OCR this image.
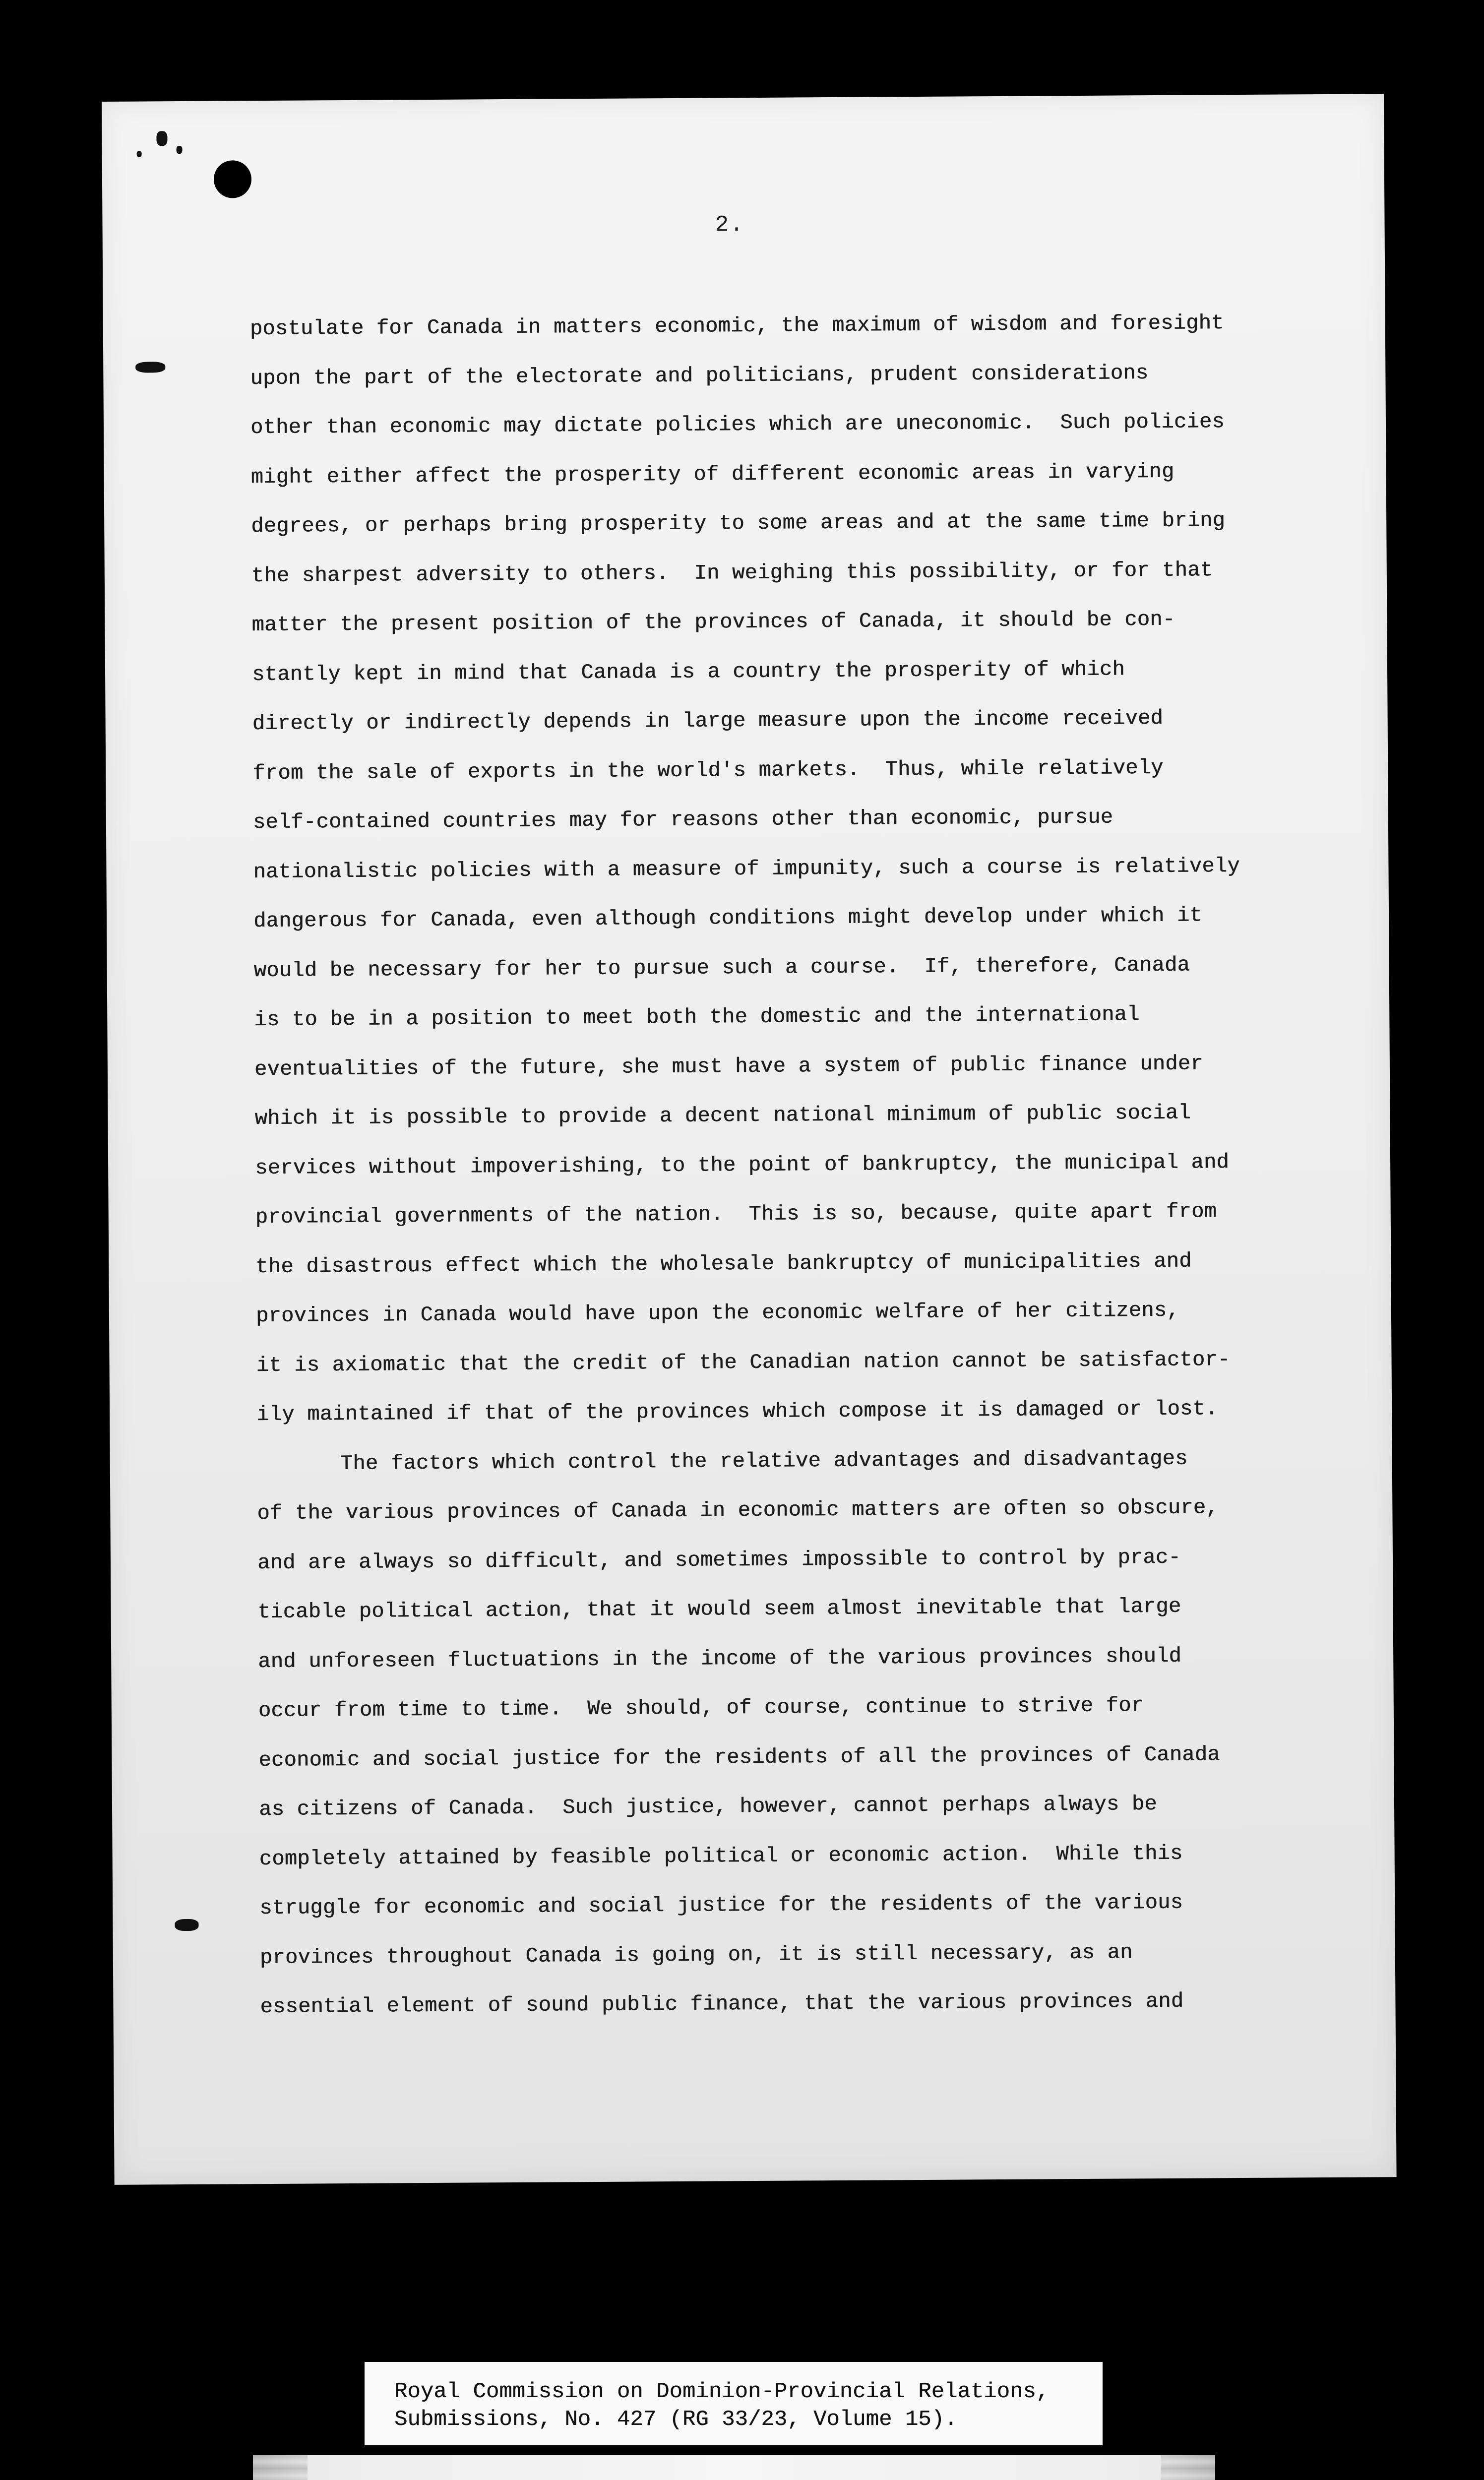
2.
postulate for Canada in matters economic, the maximum of wisdom and foresight
upon the part of the electorate and politicians, prudent considerations
other than economic may dictate policies which are uneconomic.  Such policies
might either affect the prosperity of different economic areas in varying
degrees, or perhaps bring prosperity to some areas and at the same time bring
the sharpest adversity to others.  In weighing this possibility, or for that
matter the present position of the provinces of Canada, it should be con-
stantly kept in mind that Canada is a country the prosperity of which
directly or indirectly depends in large measure upon the income received
from the sale of exports in the world's markets.  Thus, while relatively
self-contained countries may for reasons other than economic, pursue
nationalistic policies with a measure of impunity, such a course is relatively
dangerous for Canada, even although conditions might develop under which it
would be necessary for her to pursue such a course.  If, therefore, Canada
is to be in a position to meet both the domestic and the international
eventualities of the future, she must have a system of public finance under
which it is possible to provide a decent national minimum of public social
services without impoverishing, to the point of bankruptcy, the municipal and
provincial governments of the nation.  This is so, because, quite apart from
the disastrous effect which the wholesale bankruptcy of municipalities and
provinces in Canada would have upon the economic welfare of her citizens,
it is axiomatic that the credit of the Canadian nation cannot be satisfactor-
ily maintained if that of the provinces which compose it is damaged or lost.
The factors which control the relative advantages and disadvantages
of the various provinces of Canada in economic matters are often so obscure,
and are always so difficult, and sometimes impossible to control by prac-
ticable political action, that it would seem almost inevitable that large
and unforeseen fluctuations in the income of the various provinces should
occur from time to time.  We should, of course, continue to strive for
economic and social justice for the residents of all the provinces of Canada
as citizens of Canada.  Such justice, however, cannot perhaps always be
completely attained by feasible political or economic action.  While this
struggle for economic and social justice for the residents of the various
provinces throughout Canada is going on, it is still necessary, as an
essential element of sound public finance, that the various provinces and
Royal Commission on Dominion-Provincial Relations,
Submissions, No. 427 (RG 33/23, Volume 15).
